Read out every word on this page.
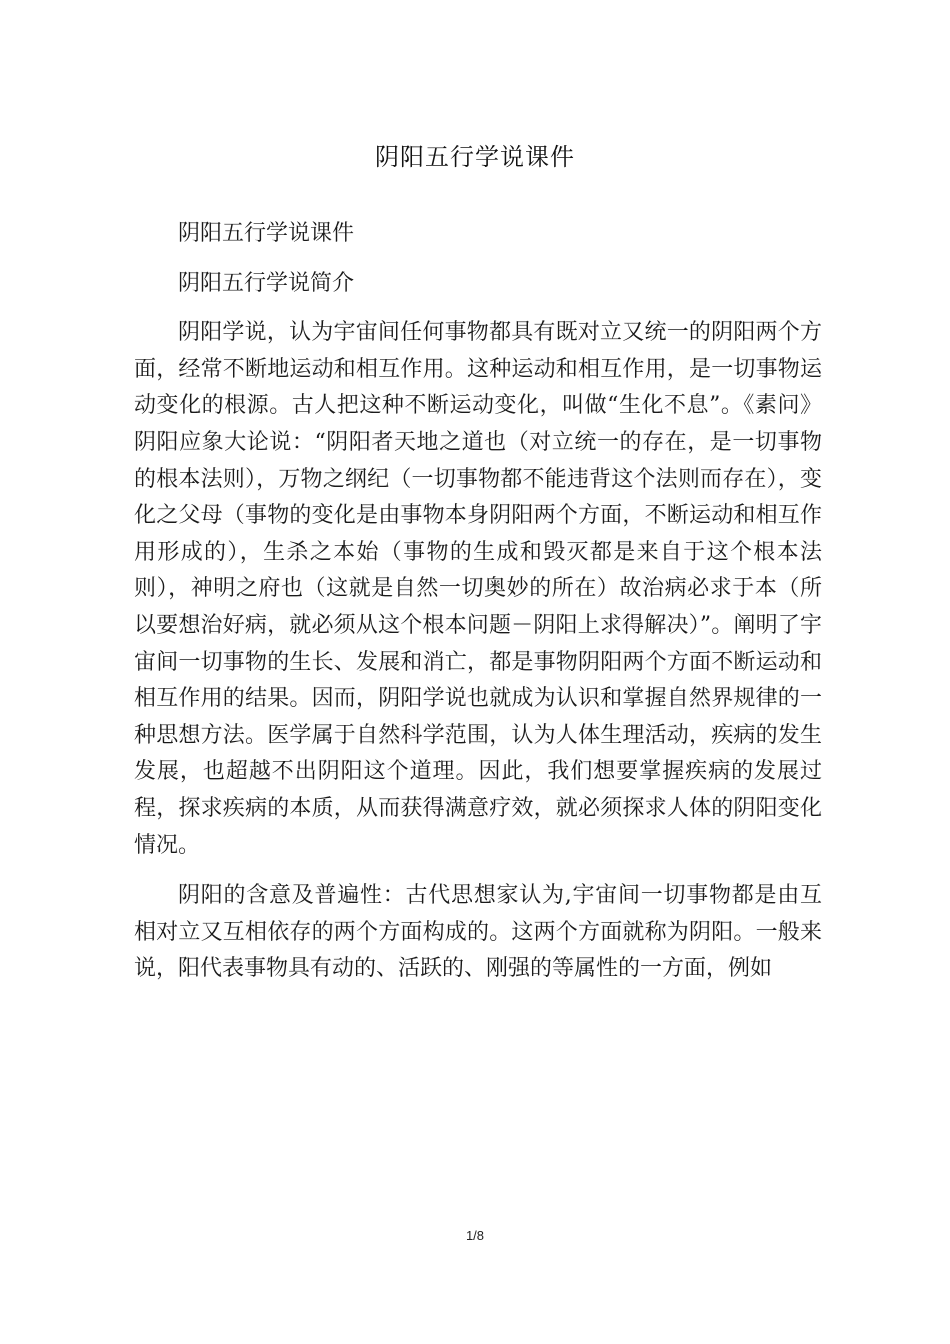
阴阳五行学说课件

阴阳五行学说课件

阴阳五行学说简介

阴阳学说，认为宇宙间任何事物都具有既对立又统一的阴阳两个方面，经常不断地运动和相互作用。这种运动和相互作用，是一切事物运动变化的根源。古人把这种不断运动变化，叫做“生化不息”。《素问》阴阳应象大论说：“阴阳者天地之道也（对立统一的存在，是一切事物的根本法则），万物之纲纪（一切事物都不能违背这个法则而存在），变化之父母（事物的变化是由事物本身阴阳两个方面，不断运动和相互作用形成的），生杀之本始（事物的生成和毁灭都是来自于这个根本法则），神明之府也（这就是自然一切奥妙的所在）故治病必求于本（所以要想治好病，就必须从这个根本问题－阴阳上求得解决）”。阐明了宇宙间一切事物的生长、发展和消亡，都是事物阴阳两个方面不断运动和相互作用的结果。因而，阴阳学说也就成为认识和掌握自然界规律的一种思想方法。医学属于自然科学范围，认为人体生理活动，疾病的发生发展，也超越不出阴阳这个道理。因此，我们想要掌握疾病的发展过程，探求疾病的本质，从而获得满意疗效，就必须探求人体的阴阳变化情况。

阴阳的含意及普遍性：古代思想家认为,宇宙间一切事物都是由互相对立又互相依存的两个方面构成的。这两个方面就称为阴阳。一般来说，阳代表事物具有动的、活跃的、刚强的等属性的一方面，例如

1/8
